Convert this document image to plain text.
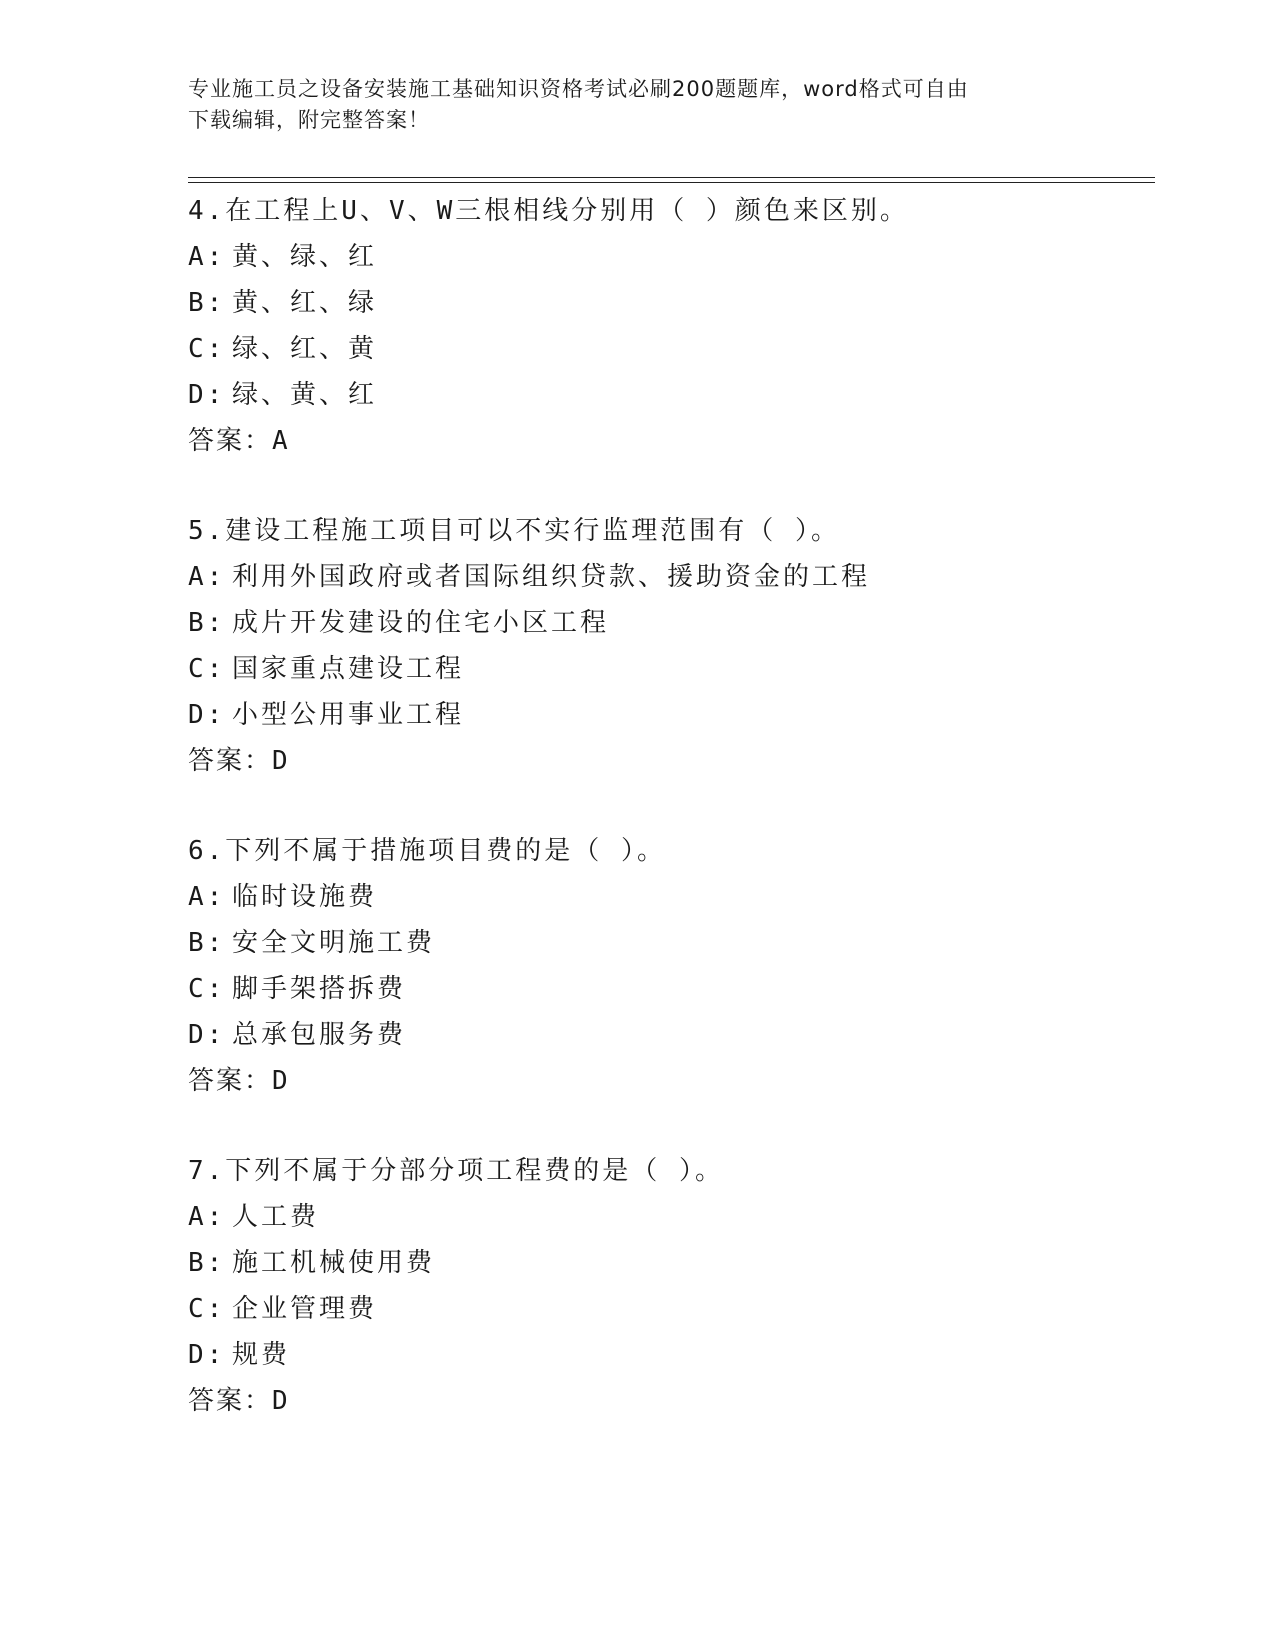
专业施工员之设备安装施工基础知识资格考试必刷200题题库，word格式可自由
下载编辑，附完整答案！
4.在工程上U、V、W三根相线分别用（ ）颜色来区别。
A: 黄、绿、红
B: 黄、红、绿
C: 绿、红、黄
D: 绿、黄、红
答案：A
5.建设工程施工项目可以不实行监理范围有（ ）。
A: 利用外国政府或者国际组织贷款、援助资金的工程
B: 成片开发建设的住宅小区工程
C: 国家重点建设工程
D: 小型公用事业工程
答案：D
6.下列不属于措施项目费的是（ ）。
A: 临时设施费
B: 安全文明施工费
C: 脚手架搭拆费
D: 总承包服务费
答案：D
7.下列不属于分部分项工程费的是（ ）。
A: 人工费
B: 施工机械使用费
C: 企业管理费
D: 规费
答案：D
